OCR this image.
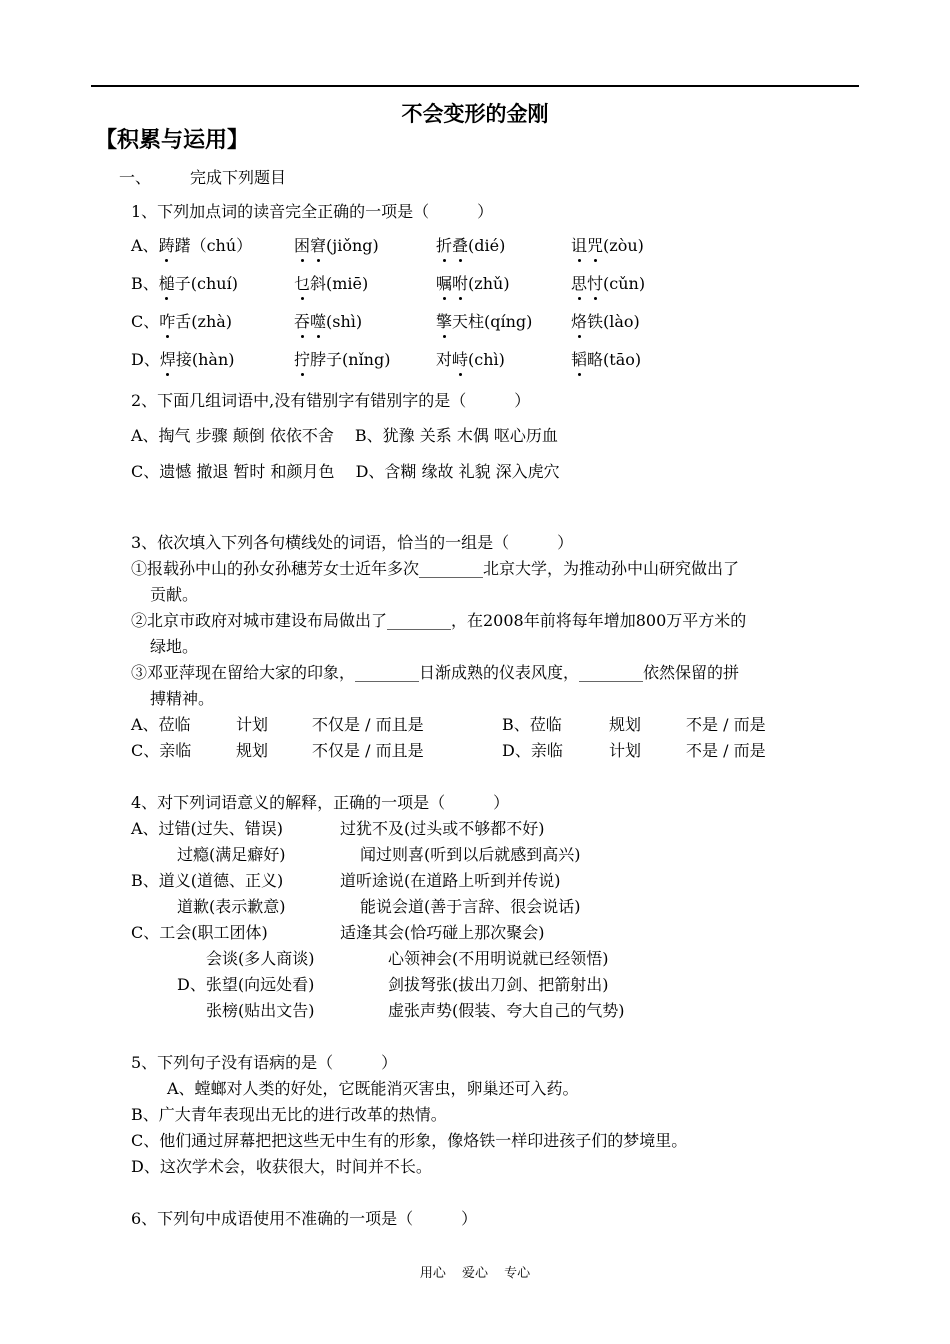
不会变形的金刚
【积累与运用】
一、 完成下列题目
1、下列加点词的读音完全正确的一项是（　　　）
A、踌躇（chú）	困窘(jiǒng)	折叠(dié)	诅咒(zòu)
B、槌子(chuí)	乜斜(miē)	嘱咐(zhǔ)	思忖(cǔn)
C、咋舌(zhà)	吞噬(shì)	擎天柱(qíng) 烙铁(lào)
D、焊接(hàn)	拧脖子(nǐng)	对峙(chì)	韬略(tāo)
2、下面几组词语中,没有错别字有错别字的是（　　　）
A、掏气 步骤 颠倒 依依不舍　 B、犹豫 关系 木偶 呕心历血
C、遗憾 撤退 暂时 和颜月色　 D、含糊 缘故 礼貌 深入虎穴
3、依次填入下列各句横线处的词语，恰当的一组是（　　　）
①报载孙中山的孙女孙穗芳女士近年多次________北京大学，为推动孙中山研究做出了
贡献。
②北京市政府对城市建设布局做出了________，在2008年前将每年增加800万平方米的
绿地。
③邓亚萍现在留给大家的印象，________日渐成熟的仪表风度，________依然保留的拼
搏精神。
A、莅临	计划	不仅是 / 而且是	B、莅临	规划	不是 / 而是
C、亲临	规划	不仅是 / 而且是	D、亲临	计划	不是 / 而是
4、对下列词语意义的解释，正确的一项是（　　　）
A、过错(过失、错误)	过犹不及(过头或不够都不好)
过瘾(满足癖好)	闻过则喜(听到以后就感到高兴)
B、道义(道德、正义)	道听途说(在道路上听到并传说)
道歉(表示歉意)	能说会道(善于言辞、很会说话)
C、工会(职工团体)	适逢其会(恰巧碰上那次聚会)
会谈(多人商谈)	心领神会(不用明说就已经领悟)
D、张望(向远处看)	剑拔弩张(拔出刀剑、把箭射出)
张榜(贴出文告)	虚张声势(假装、夸大自己的气势)
5、下列句子没有语病的是（　　　）
A、螳螂对人类的好处，它既能消灭害虫，卵巢还可入药。
B、广大青年表现出无比的进行改革的热情。
C、他们通过屏幕把把这些无中生有的形象，像烙铁一样印进孩子们的梦境里。
D、这次学术会，收获很大，时间并不长。
6、下列句中成语使用不准确的一项是（　　　）
用心 爱心 专心
